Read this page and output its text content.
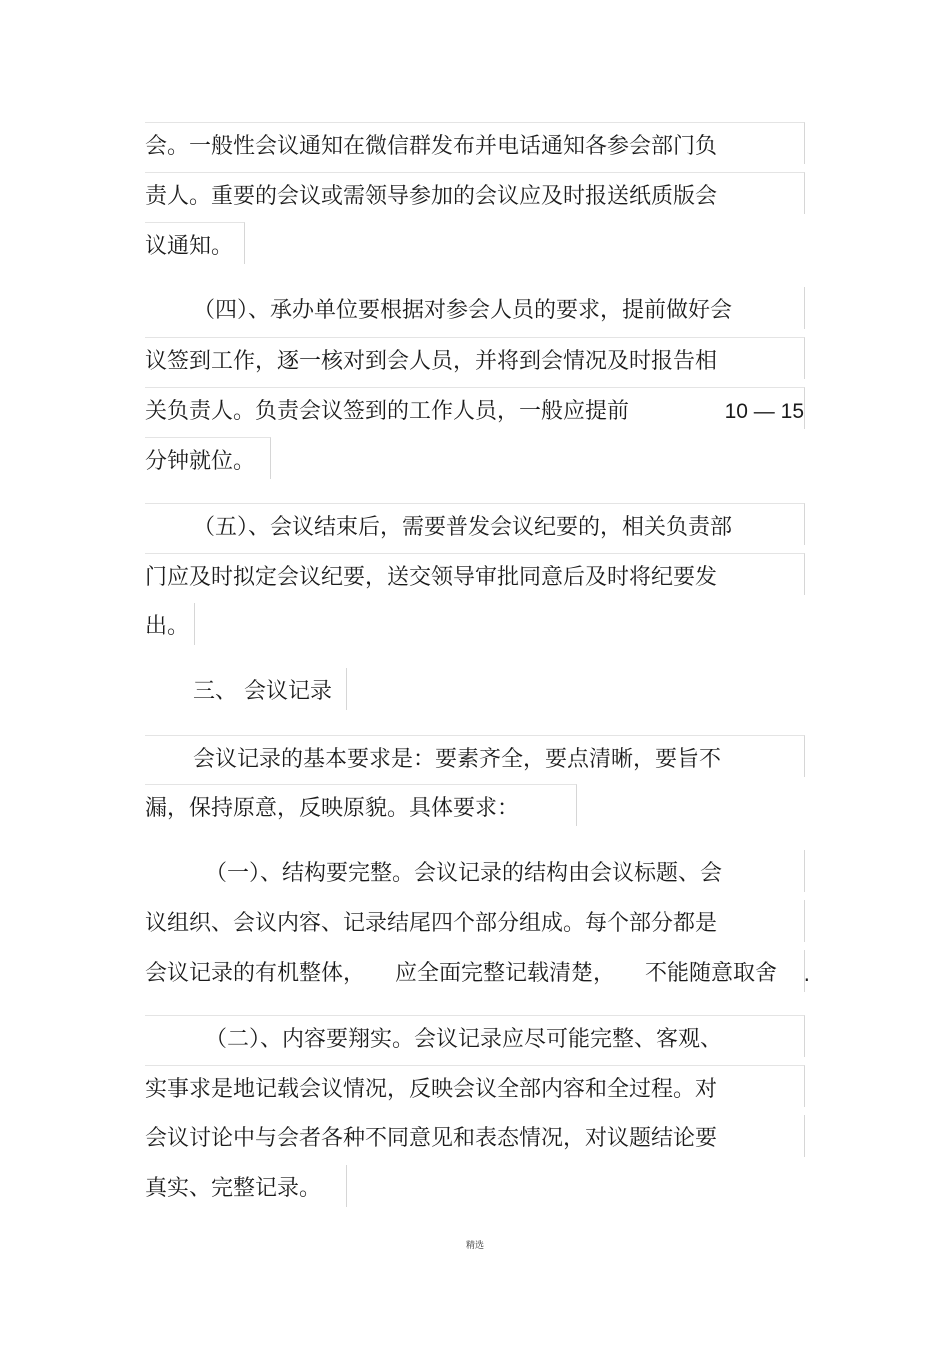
会。一般性会议通知在微信群发布并电话通知各参会部门负
责人。重要的会议或需领导参加的会议应及时报送纸质版会
议通知。
（四）、承办单位要根据对参会人员的要求，提前做好会
议签到工作，逐一核对到会人员，并将到会情况及时报告相
关负责人。负责会议签到的工作人员，一般应提前	10 — 15
分钟就位。
（五）、会议结束后，需要普发会议纪要的，相关负责部
门应及时拟定会议纪要，送交领导审批同意后及时将纪要发
出。
三、 会议记录
会议记录的基本要求是：要素齐全，要点清晰，要旨不
漏，保持原意，反映原貌。具体要求：
（一）、结构要完整。会议记录的结构由会议标题、会
议组织、会议内容、记录结尾四个部分组成。每个部分都是
会议记录的有机整体， 应全面完整记载清楚， 不能随意取舍 .
（二）、内容要翔实。会议记录应尽可能完整、客观、
实事求是地记载会议情况，反映会议全部内容和全过程。对
会议讨论中与会者各种不同意见和表态情况，对议题结论要
真实、完整记录。
精选
